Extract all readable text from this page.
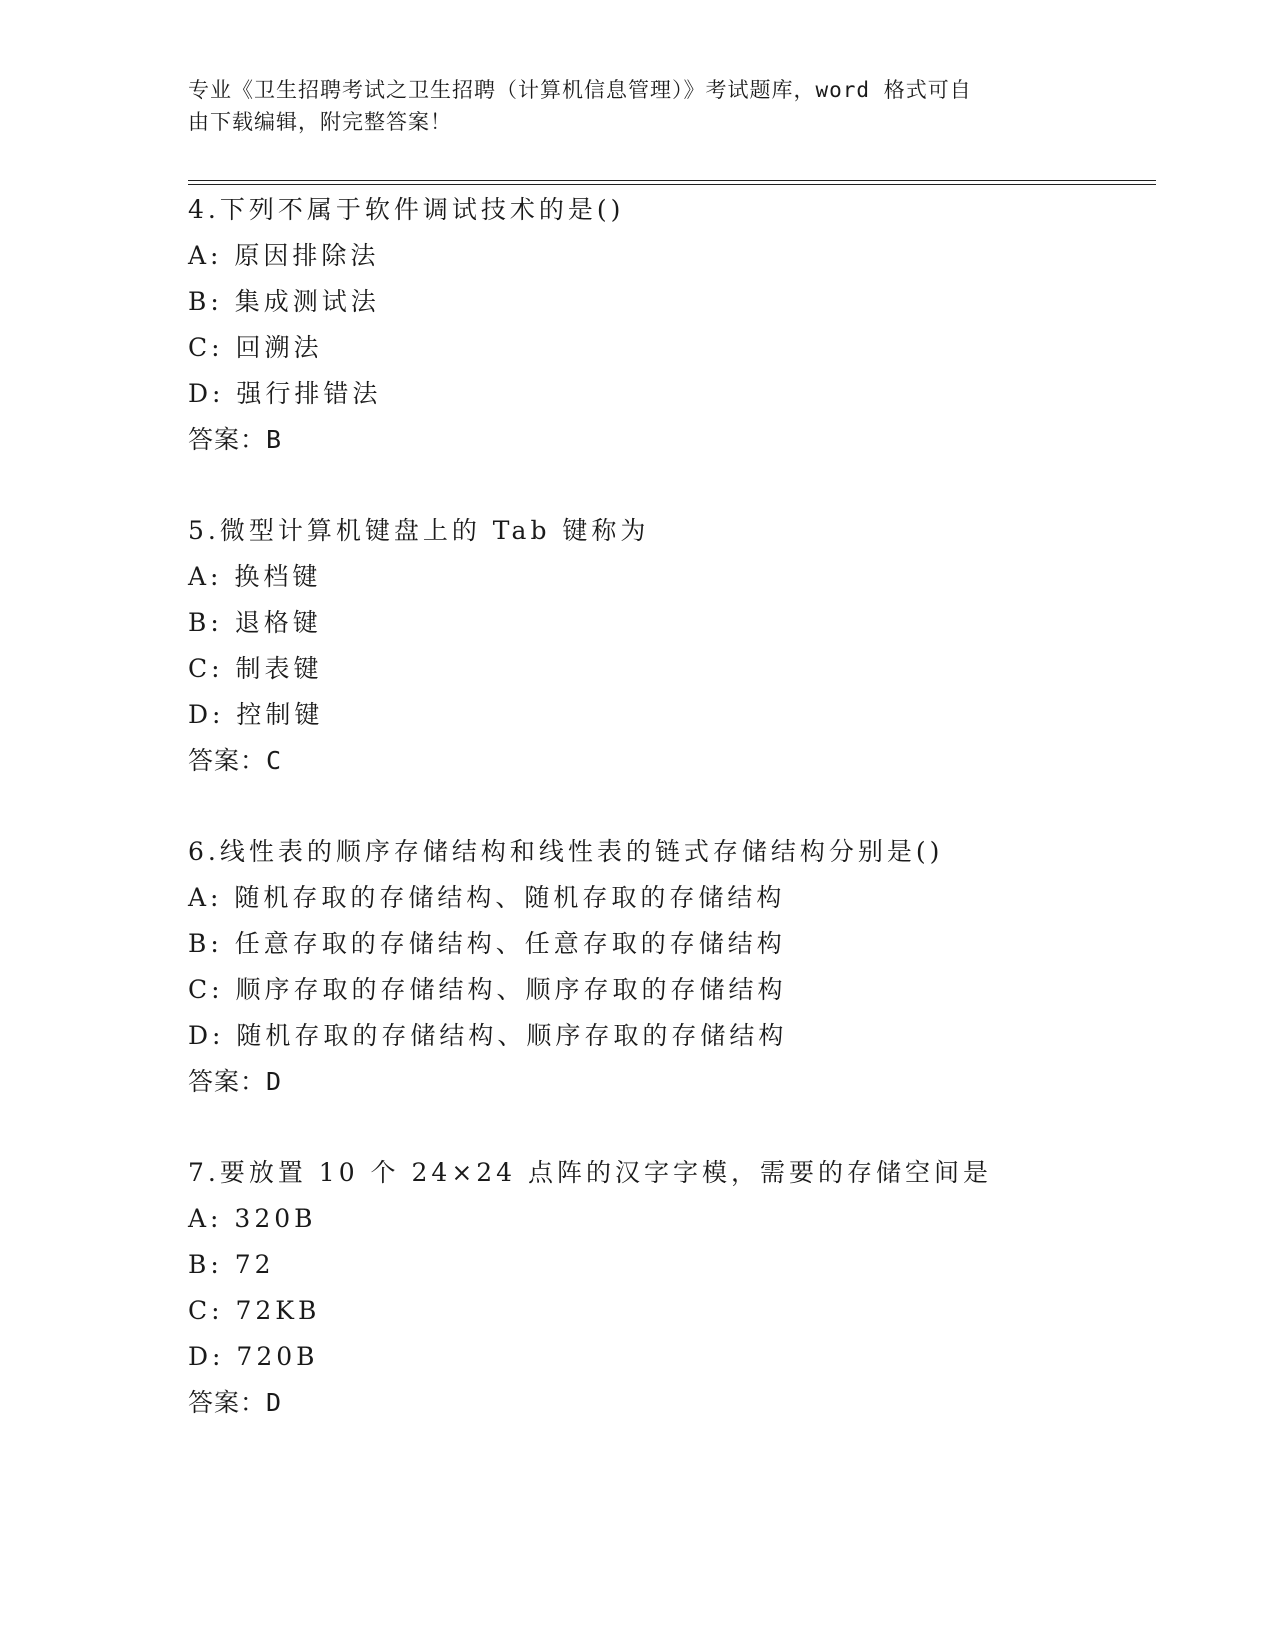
专业《卫生招聘考试之卫生招聘（计算机信息管理）》考试题库，word 格式可自
由下载编辑，附完整答案！
4.下列不属于软件调试技术的是()
A: 原因排除法
B: 集成测试法
C: 回溯法
D: 强行排错法
答案：B
5.微型计算机键盘上的 Tab 键称为
A: 换档键
B: 退格键
C: 制表键
D: 控制键
答案：C
6.线性表的顺序存储结构和线性表的链式存储结构分别是()
A: 随机存取的存储结构、随机存取的存储结构
B: 任意存取的存储结构、任意存取的存储结构
C: 顺序存取的存储结构、顺序存取的存储结构
D: 随机存取的存储结构、顺序存取的存储结构
答案：D
7.要放置 10 个 24×24 点阵的汉字字模，需要的存储空间是
A: 320B
B: 72
C: 72KB
D: 720B
答案：D
